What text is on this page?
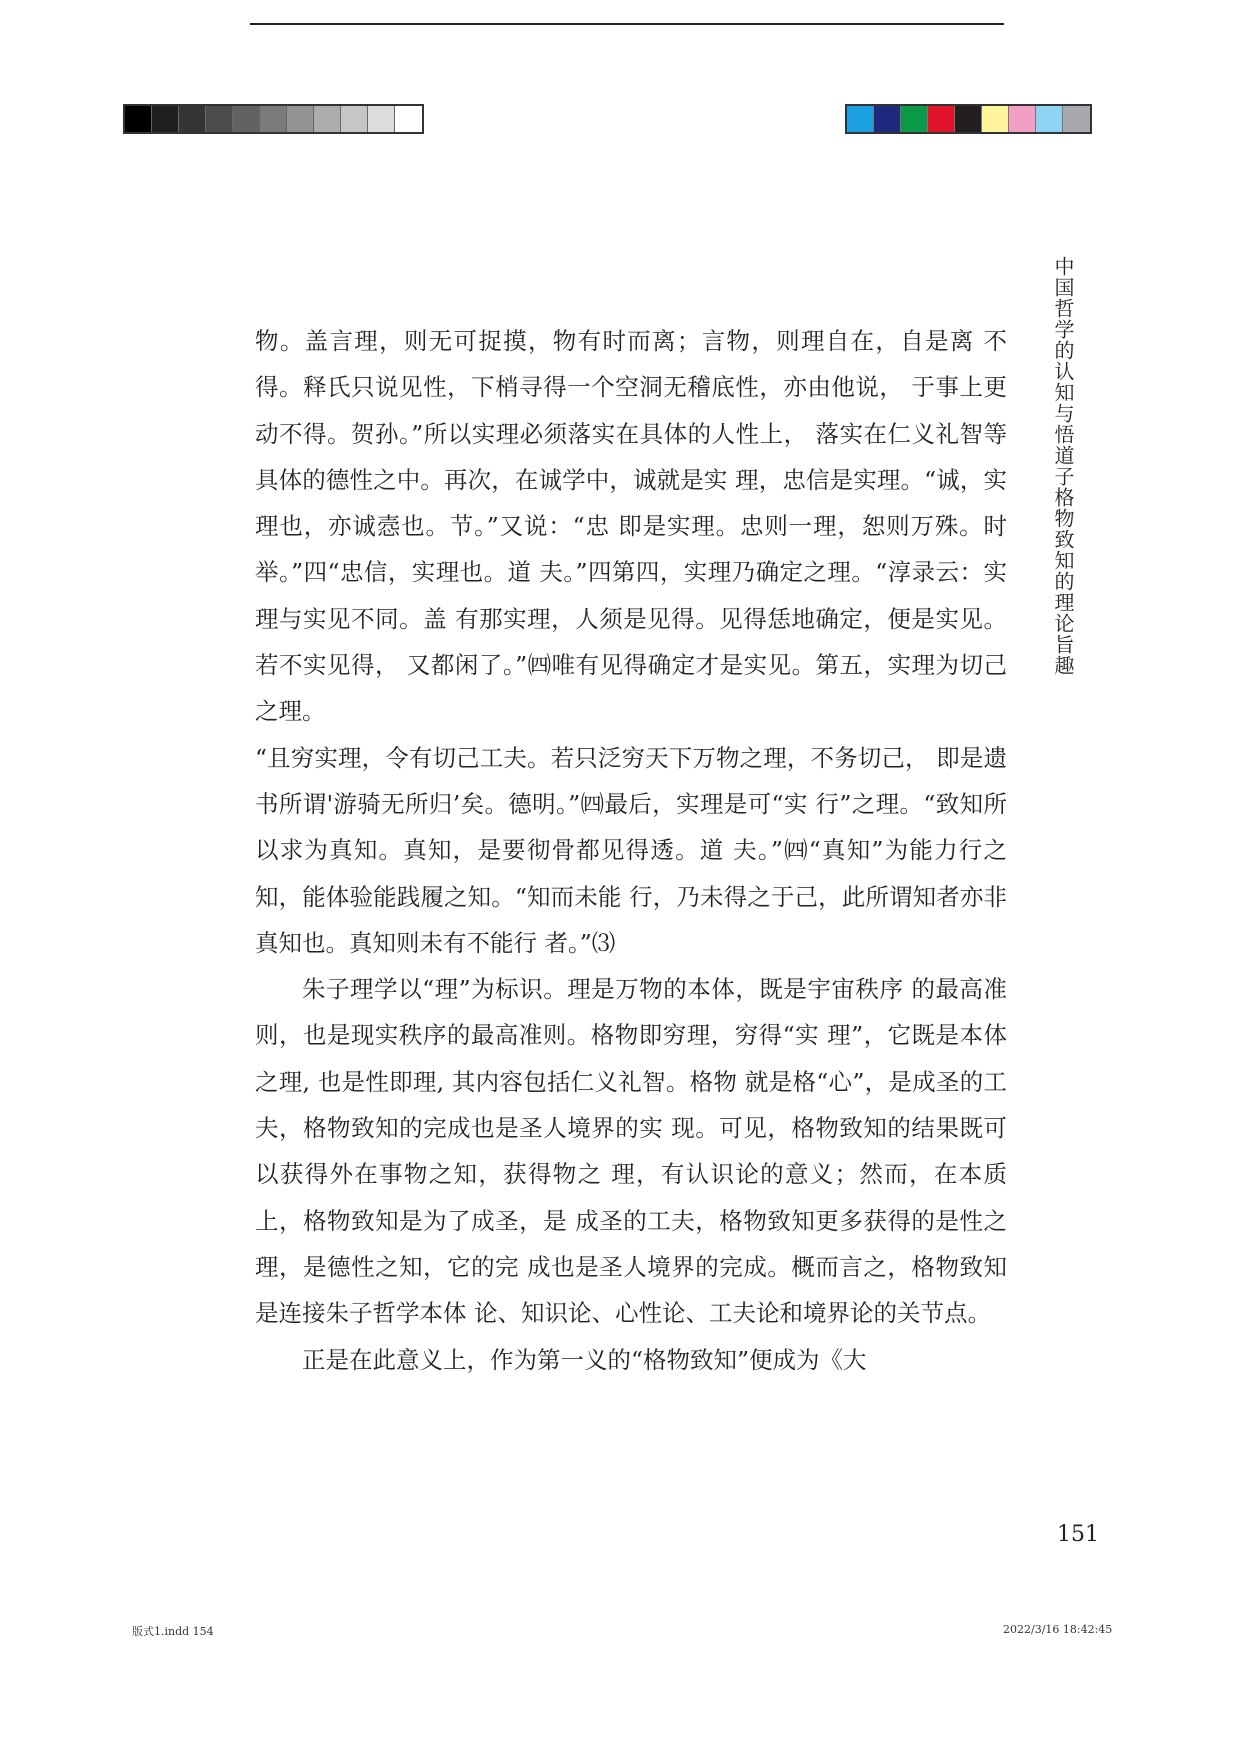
中国哲学的认知与悟道子格物致知的理论旨趣

物。盖言理，则无可捉摸，物有时而离；言物，则理自在，自是离 不得。释氏只说见性，下梢寻得一个空洞无稽底性，亦由他说， 于事上更动不得。贺孙。”所以实理必须落实在具体的人性上， 落实在仁义礼智等具体的德性之中。再次，在诚学中，诚就是实 理，忠信是实理。“诚，实理也，亦诚悫也。节。”又说：“忠 即是实理。忠则一理，恕则万殊。时举。”四“忠信，实理也。道 夫。”四第四，实理乃确定之理。“淳录云：实理与实见不同。盖 有那实理，人须是见得。见得恁地确定，便是实见。若不实见得， 又都闲了。”㈣唯有见得确定才是实见。第五，实理为切己之理。

“且穷实理，令有切己工夫。若只泛穷天下万物之理，不务切己， 即是遗书所谓'游骑无所归’矣。德明。”㈣最后，实理是可“实 行”之理。“致知所以求为真知。真知，是要彻骨都见得透。道 夫。”㈣“真知”为能力行之知，能体验能践履之知。“知而未能 行，乃未得之于己，此所谓知者亦非真知也。真知则未有不能行 者。”⑶

朱子理学以“理”为标识。理是万物的本体，既是宇宙秩序 的最高准则，也是现实秩序的最高准则。格物即穷理，穷得“实 理”，它既是本体之理, 也是性即理, 其内容包括仁义礼智。格物 就是格“心”，是成圣的工夫，格物致知的完成也是圣人境界的实 现。可见，格物致知的结果既可以获得外在事物之知，获得物之 理，有认识论的意义；然而，在本质上，格物致知是为了成圣，是 成圣的工夫，格物致知更多获得的是性之理，是德性之知，它的完 成也是圣人境界的完成。概而言之，格物致知是连接朱子哲学本体 论、知识论、心性论、工夫论和境界论的关节点。

正是在此意义上，作为第一义的“格物致知”便成为《大

151
版式1.indd 154	2022/3/16 18:42:45
